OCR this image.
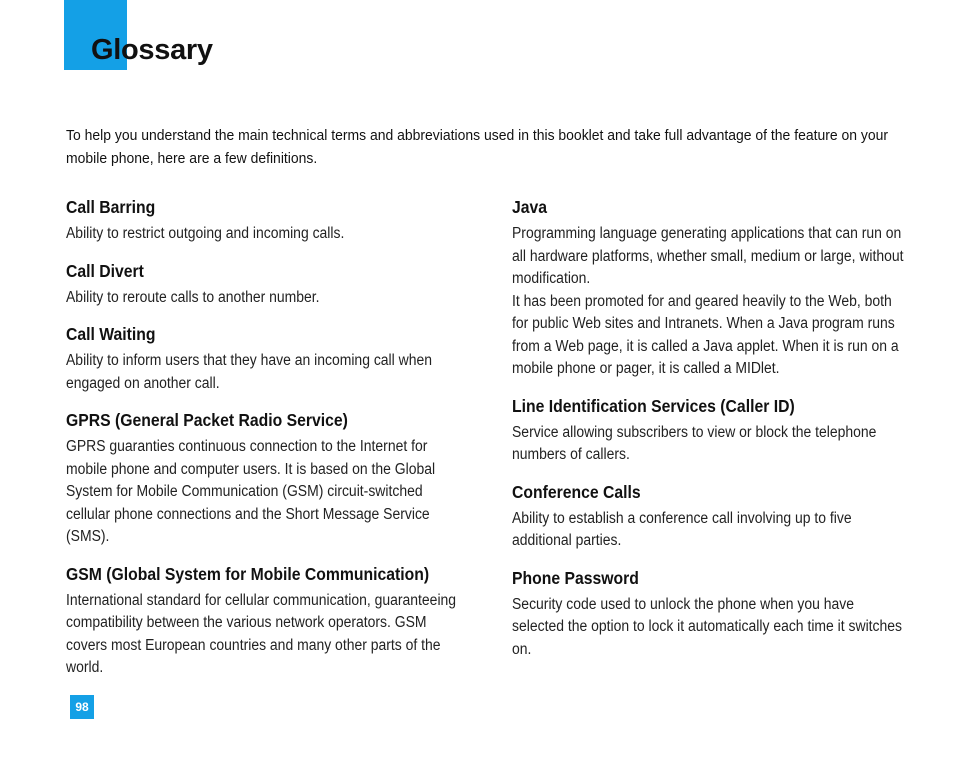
Glossary

To help you understand the main technical terms and abbreviations used in this booklet and take full advantage of the feature on your mobile phone, here are a few definitions.

Call Barring

Ability to restrict outgoing and incoming calls.

Call Divert

Ability to reroute calls to another number.

Call Waiting

Ability to inform users that they have an incoming call when engaged on another call.

GPRS (General Packet Radio Service)

GPRS guaranties continuous connection to the Internet for mobile phone and computer users. It is based on the Global System for Mobile Communication (GSM) circuit-switched cellular phone connections and the Short Message Service (SMS).

GSM (Global System for Mobile Communication)

International standard for cellular communication, guaranteeing compatibility between the various network operators. GSM covers most European countries and many other parts of the world.

Java

Programming language generating applications that can run on all hardware platforms, whether small, medium or large, without modification.
It has been promoted for and geared heavily to the Web, both for public Web sites and Intranets. When a Java program runs from a Web page, it is called a Java applet. When it is run on a mobile phone or pager, it is called a MIDlet.

Line Identification Services (Caller ID)

Service allowing subscribers to view or block the telephone numbers of callers.

Conference Calls

Ability to establish a conference call involving up to five additional parties.

Phone Password

Security code used to unlock the phone when you have selected the option to lock it automatically each time it switches on.

98
